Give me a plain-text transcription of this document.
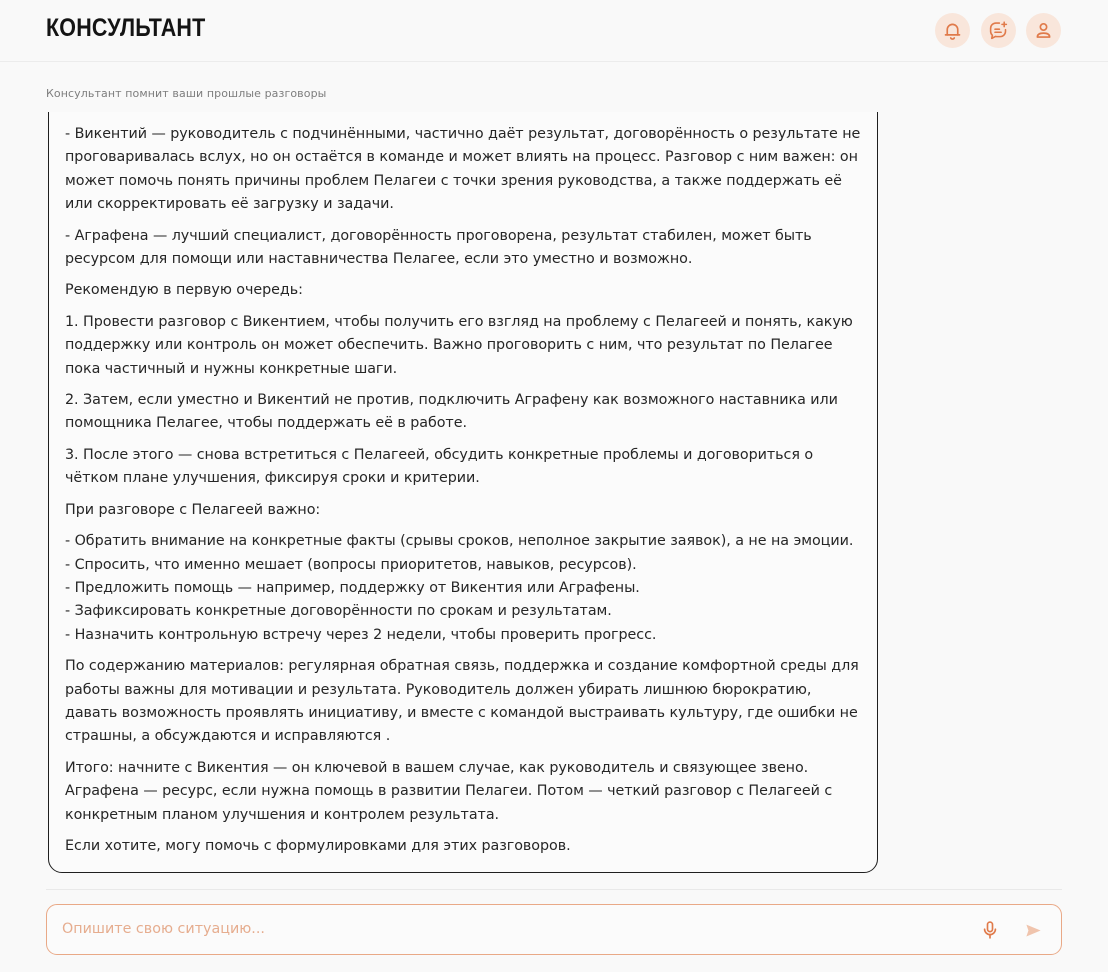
КОНСУЛЬТАНТ
Консультант помнит ваши прошлые разговоры

- Викентий — руководитель с подчинёнными, частично даёт результат, договорённость о результате не проговаривалась вслух, но он остаётся в команде и может влиять на процесс. Разговор с ним важен: он может помочь понять причины проблем Пелагеи с точки зрения руководства, а также поддержать её или скорректировать её загрузку и задачи.

- Аграфена — лучший специалист, договорённость проговорена, результат стабилен, может быть ресурсом для помощи или наставничества Пелагее, если это уместно и возможно.

Рекомендую в первую очередь:

1. Провести разговор с Викентием, чтобы получить его взгляд на проблему с Пелагеей и понять, какую поддержку или контроль он может обеспечить. Важно проговорить с ним, что результат по Пелагее пока частичный и нужны конкретные шаги.

2. Затем, если уместно и Викентий не против, подключить Аграфену как возможного наставника или помощника Пелагее, чтобы поддержать её в работе.

3. После этого — снова встретиться с Пелагеей, обсудить конкретные проблемы и договориться о чётком плане улучшения, фиксируя сроки и критерии.

При разговоре с Пелагеей важно:

- Обратить внимание на конкретные факты (срывы сроков, неполное закрытие заявок), а не на эмоции.
- Спросить, что именно мешает (вопросы приоритетов, навыков, ресурсов).
- Предложить помощь — например, поддержку от Викентия или Аграфены.
- Зафиксировать конкретные договорённости по срокам и результатам.
- Назначить контрольную встречу через 2 недели, чтобы проверить прогресс.

По содержанию материалов: регулярная обратная связь, поддержка и создание комфортной среды для работы важны для мотивации и результата. Руководитель должен убирать лишнюю бюрократию, давать возможность проявлять инициативу, и вместе с командой выстраивать культуру, где ошибки не страшны, а обсуждаются и исправляются .

Итого: начните с Викентия — он ключевой в вашем случае, как руководитель и связующее звено. Аграфена — ресурс, если нужна помощь в развитии Пелагеи. Потом — четкий разговор с Пелагеей с конкретным планом улучшения и контролем результата.

Если хотите, могу помочь с формулировками для этих разговоров.

Опишите свою ситуацию...
